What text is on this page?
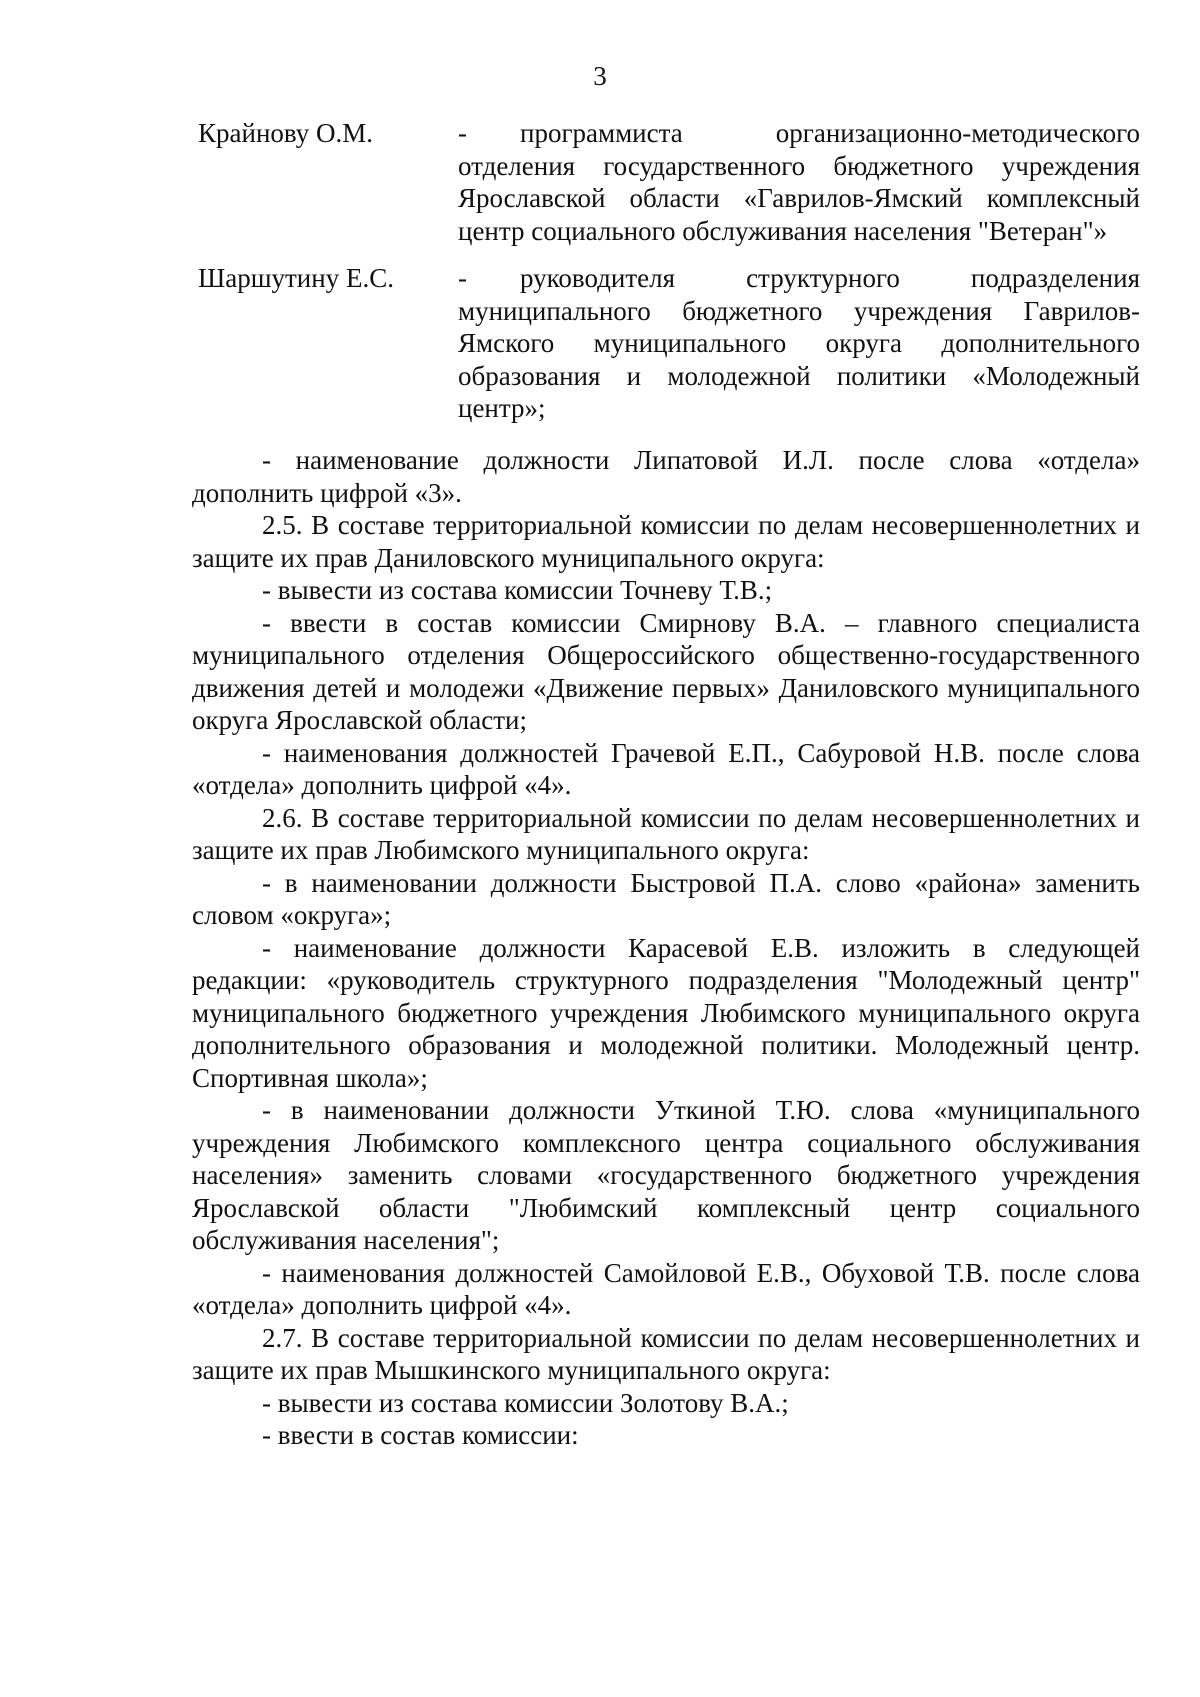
3
Крайнову О.М.	- программиста организационно-методического отделения государственного бюджетного учреждения Ярославской области «Гаврилов-Ямский комплексный центр социального обслуживания населения "Ветеран"»
Шаршутину Е.С.	- руководителя структурного подразделения муниципального бюджетного учреждения Гаврилов-Ямского муниципального округа дополнительного образования и молодежной политики «Молодежный центр»;

- наименование должности Липатовой И.Л. после слова «отдела» дополнить цифрой «3».

2.5. В составе территориальной комиссии по делам несовершеннолетних и защите их прав Даниловского муниципального округа:

- вывести из состава комиссии Точневу Т.В.;

- ввести в состав комиссии Смирнову В.А. – главного специалиста муниципального отделения Общероссийского общественно-государственного движения детей и молодежи «Движение первых» Даниловского муниципального округа Ярославской области;

- наименования должностей Грачевой Е.П., Сабуровой Н.В. после слова «отдела» дополнить цифрой «4».

2.6. В составе территориальной комиссии по делам несовершеннолетних и защите их прав Любимского муниципального округа:

- в наименовании должности Быстровой П.А. слово «района» заменить словом «округа»;

- наименование должности Карасевой Е.В. изложить в следующей редакции: «руководитель структурного подразделения "Молодежный центр" муниципального бюджетного учреждения Любимского муниципального округа дополнительного образования и молодежной политики. Молодежный центр. Спортивная школа»;

- в наименовании должности Уткиной Т.Ю. слова «муниципального учреждения Любимского комплексного центра социального обслуживания населения» заменить словами «государственного бюджетного учреждения Ярославской области "Любимский комплексный центр социального обслуживания населения";

- наименования должностей Самойловой Е.В., Обуховой Т.В. после слова «отдела» дополнить цифрой «4».

2.7. В составе территориальной комиссии по делам несовершеннолетних и защите их прав Мышкинского муниципального округа:

- вывести из состава комиссии Золотову В.А.;

- ввести в состав комиссии:
